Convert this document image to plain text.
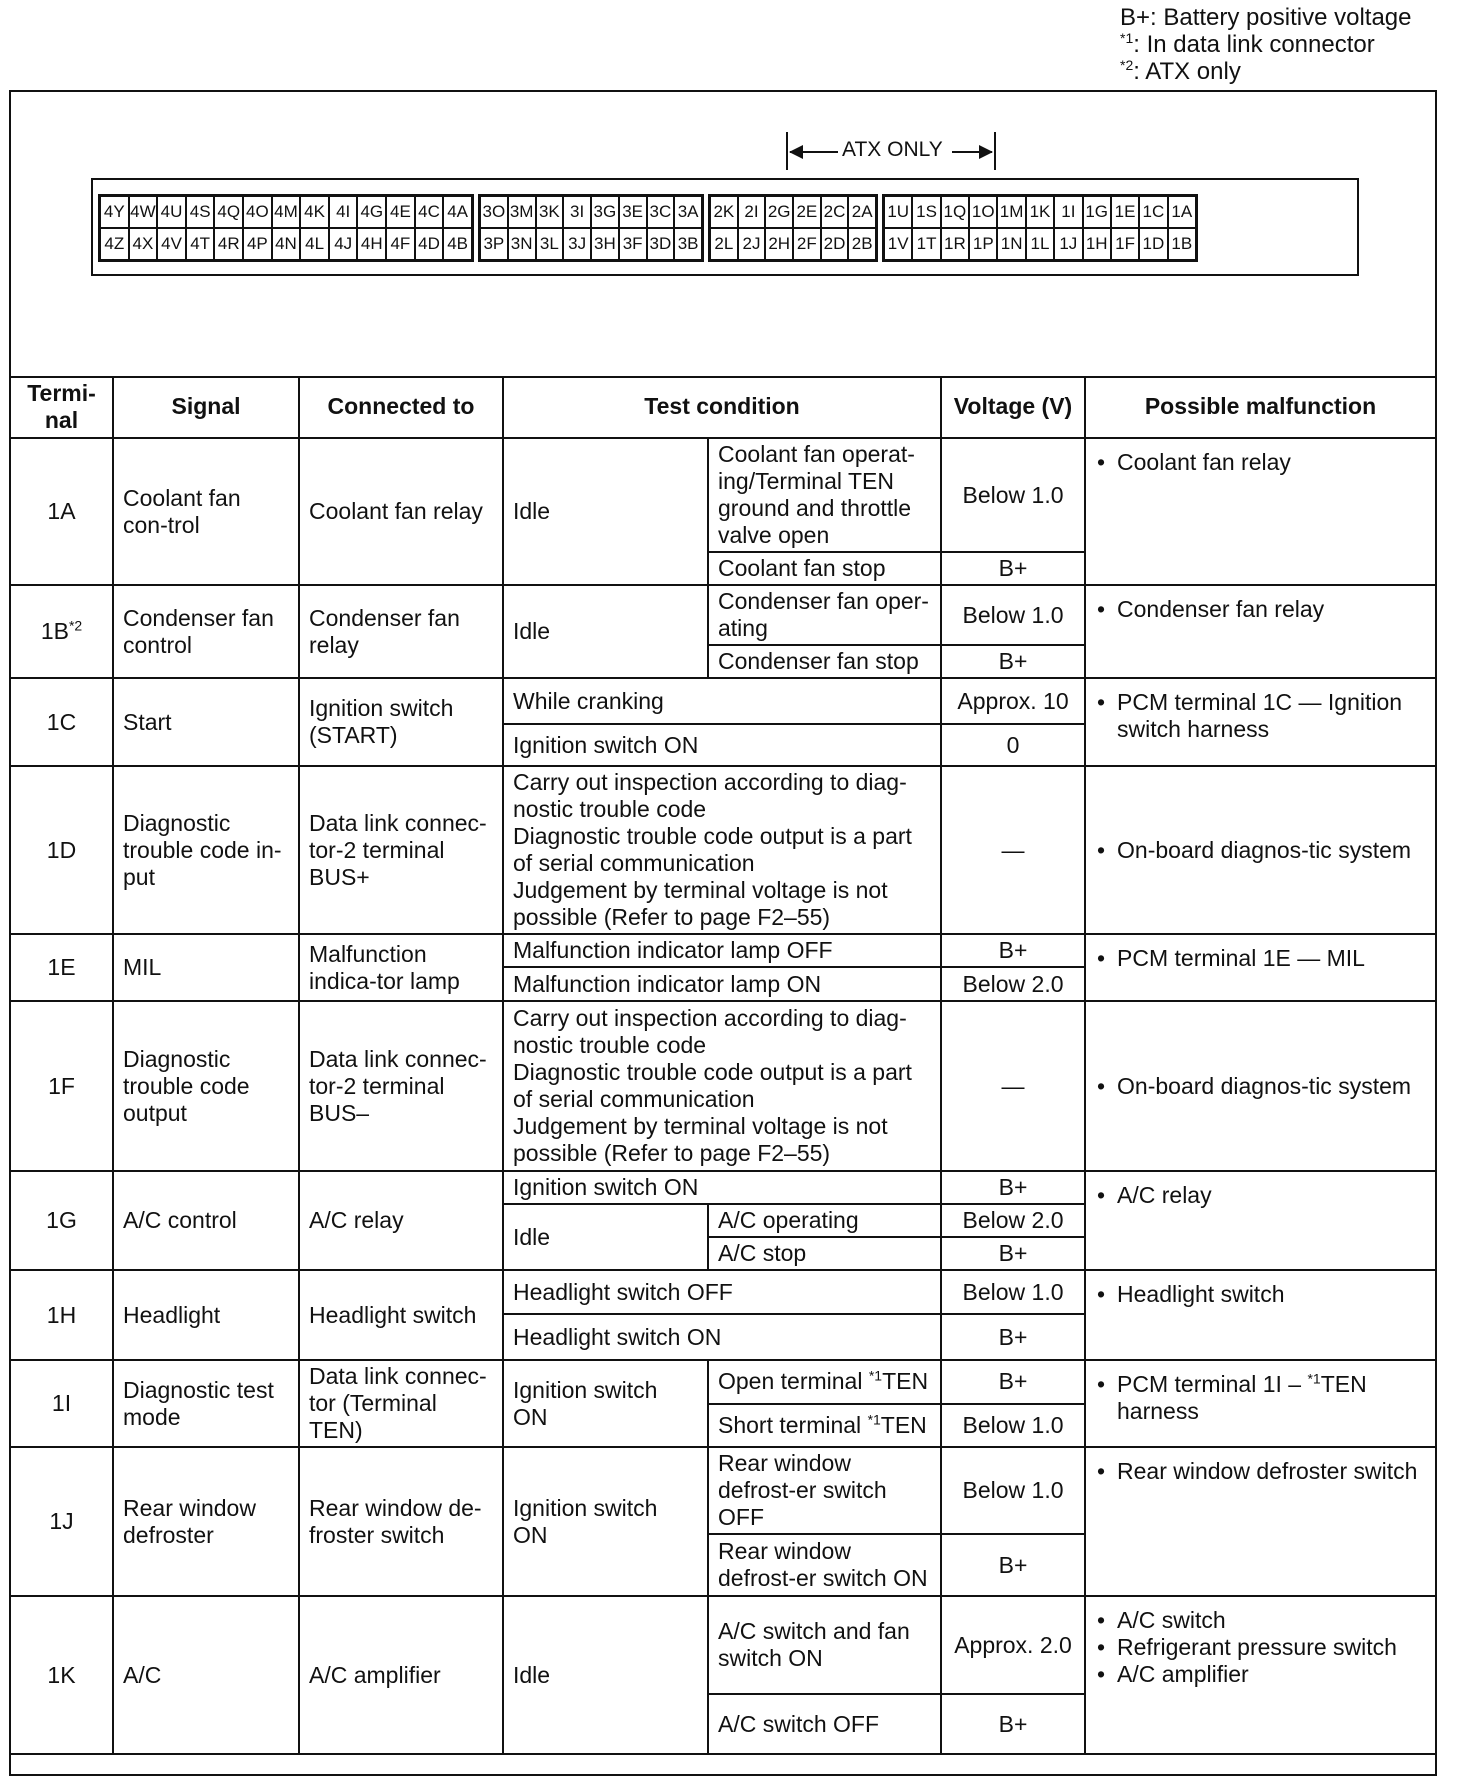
B+: Battery positive voltage
$^{*1}$: In data link connector
$^{*2}$: ATX only
ATX ONLY
4Y 4W 4U 4S 4Q 4O 4M 4K 4I 4G 4E 4C 4A
4Z 4X 4V 4T 4R 4P 4N 4L 4J 4H 4F 4D 4B
3O 3M 3K 3I 3G 3E 3C 3A
3P 3N 3L 3J 3H 3F 3D 3B
2K 2I 2G 2E 2C 2A
2L 2J 2H 2F 2D 2B
1U 1S 1Q 1O 1M 1K 1I 1G 1E 1C 1A
1V 1T 1R 1P 1N 1L 1J 1H 1F 1D 1B
Termi-nal	Signal	Connected to	Test condition		Voltage (V)	Possible malfunction
1A	Coolant fan con-trol	Coolant fan relay	Idle	Coolant fan operat-ing/Terminal TEN ground and throttle valve open	Below 1.0	• Coolant fan relay

				Coolant fan stop	B+	
$1B^{*2}$	Condenser fan control	Condenser fan relay	Idle	Condenser fan oper-ating	Below 1.0	• Condenser fan relay

				Condenser fan stop	B+	
1C	Start	Ignition switch (START)	While cranking		Approx. 10	• PCM terminal 1C — Ignition switch harness

			Ignition switch ON		0	
1D	Diagnostic trouble code in-put	Data link connec-tor-2 terminal BUS+	Carry out inspection according to diag-nostic trouble code
Diagnostic trouble code output is a part of serial communication
Judgement by terminal voltage is not possible (Refer to page F2–55)		—	• On-board diagnos-tic system

1E	MIL	Malfunction indica-tor lamp	Malfunction indicator lamp OFF		B+	• PCM terminal 1E — MIL

			Malfunction indicator lamp ON		Below 2.0	
1F	Diagnostic trouble code output	Data link connec-tor-2 terminal BUS–	Carry out inspection according to diag-nostic trouble code
Diagnostic trouble code output is a part of serial communication
Judgement by terminal voltage is not possible (Refer to page F2–55)		—	• On-board diagnos-tic system

1G	A/C control	A/C relay	Ignition switch ON		B+	• A/C relay

			Idle	A/C operating	Below 2.0	
				A/C stop	B+	
1H	Headlight	Headlight switch	Headlight switch OFF		Below 1.0	• Headlight switch

			Headlight switch ON		B+	
1I	Diagnostic test mode	Data link connec-tor (Terminal TEN)	Ignition switch ON	Open terminal $^{*1}$TEN	B+	• PCM terminal 1I – $^{*1}$TEN harness

				Short terminal $^{*1}$TEN	Below 1.0	
1J	Rear window defroster	Rear window de-froster switch	Ignition switch ON	Rear window defrost-er switch OFF	Below 1.0	• Rear window defroster switch

				Rear window defrost-er switch ON	B+	
1K	A/C	A/C amplifier	Idle	A/C switch and fan switch ON	Approx. 2.0	• A/C switch
• Refrigerant pressure switch
• A/C amplifier

				A/C switch OFF	B+	
